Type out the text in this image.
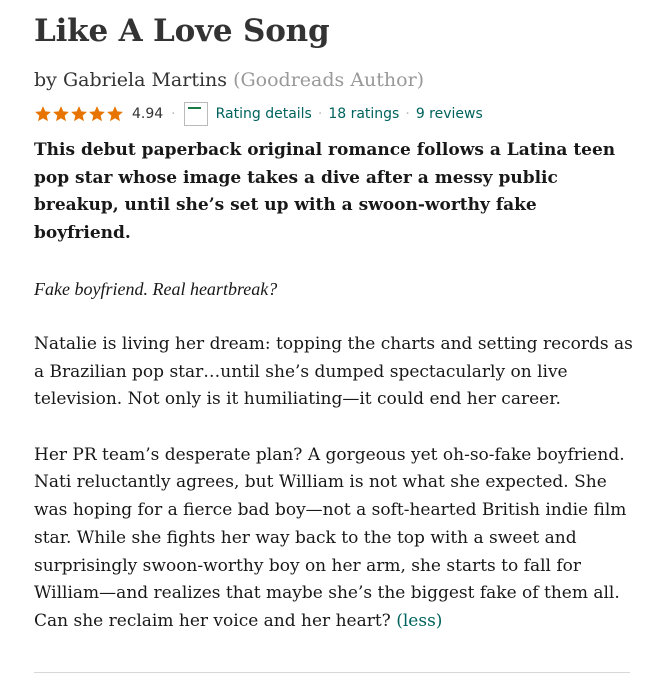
Like A Love Song
by Gabriela Martins (Goodreads Author)
4.94 ·	Rating details · 18 ratings · 9 reviews

This debut paperback original romance follows a Latina teen pop star whose image takes a dive after a messy public breakup, until she’s set up with a swoon-worthy fake boyfriend.

Fake boyfriend. Real heartbreak?

Natalie is living her dream: topping the charts and setting records as a Brazilian pop star…until she’s dumped spectacularly on live television. Not only is it humiliating—it could end her career.

Her PR team’s desperate plan? A gorgeous yet oh-so-fake boyfriend. Nati reluctantly agrees, but William is not what she expected. She was hoping for a fierce bad boy—not a soft-hearted British indie film star. While she fights her way back to the top with a sweet and surprisingly swoon-worthy boy on her arm, she starts to fall for William—and realizes that maybe she’s the biggest fake of them all. Can she reclaim her voice and her heart? (less)
